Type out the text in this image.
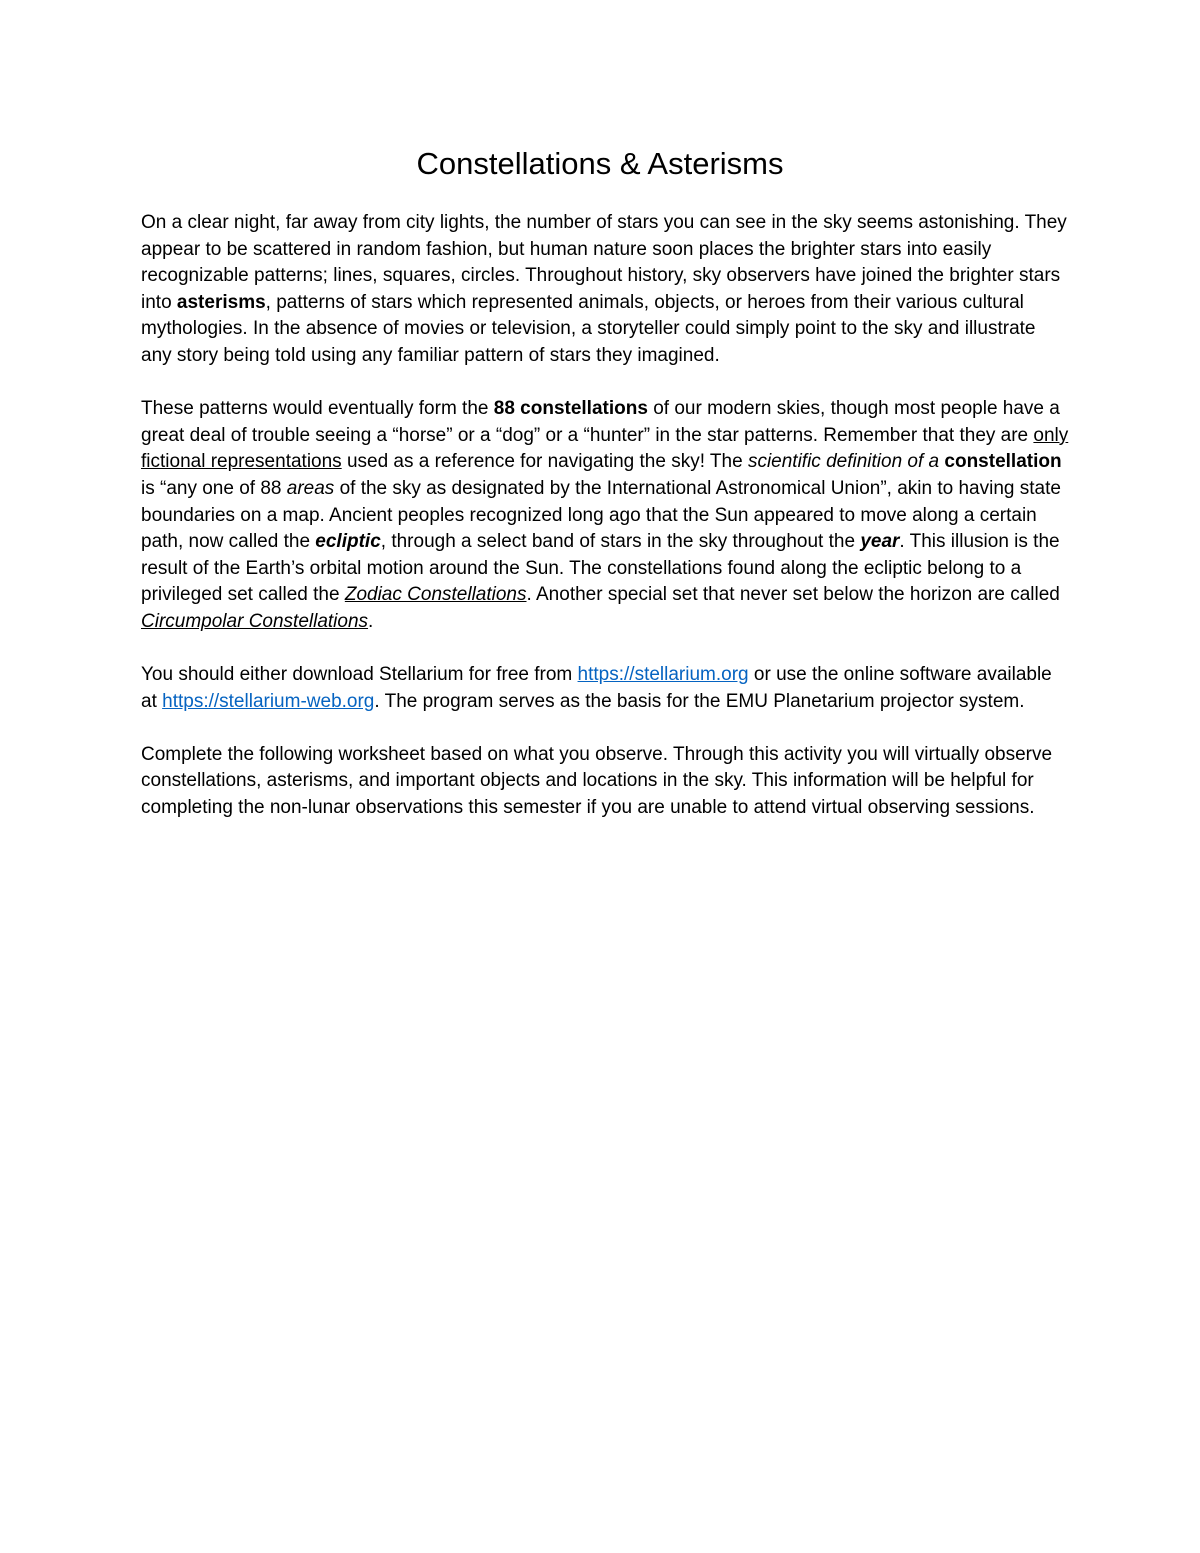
Constellations & Asterisms

On a clear night, far away from city lights, the number of stars you can see in the sky seems astonishing. They appear to be scattered in random fashion, but human nature soon places the brighter stars into easily recognizable patterns; lines, squares, circles. Throughout history, sky observers have joined the brighter stars into asterisms, patterns of stars which represented animals, objects, or heroes from their various cultural mythologies. In the absence of movies or television, a storyteller could simply point to the sky and illustrate any story being told using any familiar pattern of stars they imagined.

These patterns would eventually form the 88 constellations of our modern skies, though most people have a great deal of trouble seeing a “horse” or a “dog” or a “hunter” in the star patterns. Remember that they are only fictional representations used as a reference for navigating the sky! The scientific definition of a constellation is “any one of 88 areas of the sky as designated by the International Astronomical Union”, akin to having state boundaries on a map. Ancient peoples recognized long ago that the Sun appeared to move along a certain path, now called the ecliptic, through a select band of stars in the sky throughout the year. This illusion is the result of the Earth’s orbital motion around the Sun. The constellations found along the ecliptic belong to a privileged set called the Zodiac Constellations. Another special set that never set below the horizon are called Circumpolar Constellations.

You should either download Stellarium for free from https://stellarium.org or use the online software available at https://stellarium-web.org. The program serves as the basis for the EMU Planetarium projector system.

Complete the following worksheet based on what you observe. Through this activity you will virtually observe constellations, asterisms, and important objects and locations in the sky. This information will be helpful for completing the non-lunar observations this semester if you are unable to attend virtual observing sessions.
